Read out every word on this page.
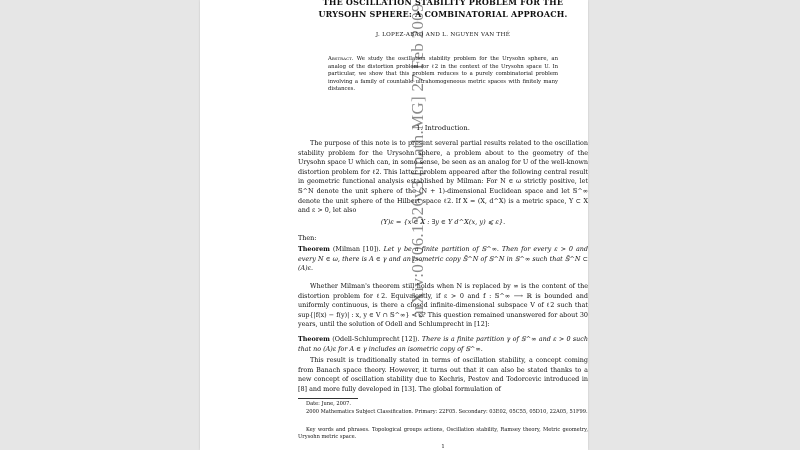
arXiv:0706.1326v3 [math.MG] 27 Feb 2009
THE OSCILLATION STABILITY PROBLEM FOR THE
URYSOHN SPHERE: A COMBINATORIAL APPROACH.
J. LOPEZ-ABAD AND L. NGUYEN VAN THÉ
Abstract. We study the oscillation stability problem for the Urysohn sphere, an analog of the distortion problem for ℓ2 in the context of the Urysohn space U. In particular, we show that this problem reduces to a purely combinatorial problem involving a family of countable ultrahomogeneous metric spaces with finitely many distances.
1. Introduction.
The purpose of this note is to present several partial results related to the oscillation stability problem for the Urysohn sphere, a problem about to the geometry of the Urysohn space U which can, in some sense, be seen as an analog for U of the well-known distortion problem for ℓ2. This latter problem appeared after the following central result in geometric functional analysis established by Milman: For N ∈ ω strictly positive, let 𝕊^N denote the unit sphere of the (N + 1)-dimensional Euclidean space and let 𝕊^∞ denote the unit sphere of the Hilbert space ℓ2. If X = (X, d^X) is a metric space, Y ⊂ X and ε > 0, let also
(Y)ε = {x ∈ X : ∃y ∈ Y d^X(x, y) ⩽ ε}.
Then:
Theorem (Milman [10]). Let γ be a finite partition of 𝕊^∞. Then for every ε > 0 and every N ∈ ω, there is A ∈ γ and an isometric copy 𝕊̃^N of 𝕊^N in 𝕊^∞ such that 𝕊̃^N ⊂ (A)ε.
Whether Milman's theorem still holds when N is replaced by ∞ is the content of the distortion problem for ℓ2. Equivalently, if ε > 0 and f : 𝕊^∞ ⟶ ℝ is bounded and uniformly continuous, is there a closed infinite-dimensional subspace V of ℓ2 such that sup{|f(x) − f(y)| : x, y ∈ V ∩ 𝕊^∞} < ε? This question remained unanswered for about 30 years, until the solution of Odell and Schlumprecht in [12]:
Theorem (Odell-Schlumprecht [12]). There is a finite partition γ of 𝕊^∞ and ε > 0 such that no (A)ε for A ∈ γ includes an isometric copy of 𝕊^∞.
This result is traditionally stated in terms of oscillation stability, a concept coming from Banach space theory. However, it turns out that it can also be stated thanks to a new concept of oscillation stability due to Kechris, Pestov and Todorcevic introduced in [8] and more fully developed in [13]. The global formulation of
Date: June, 2007.
2000 Mathematics Subject Classification. Primary: 22F05. Secondary: 03E02, 05C55, 05D10, 22A05, 51F99.
Key words and phrases. Topological groups actions, Oscillation stability, Ramsey theory, Metric geometry, Urysohn metric space.
1
